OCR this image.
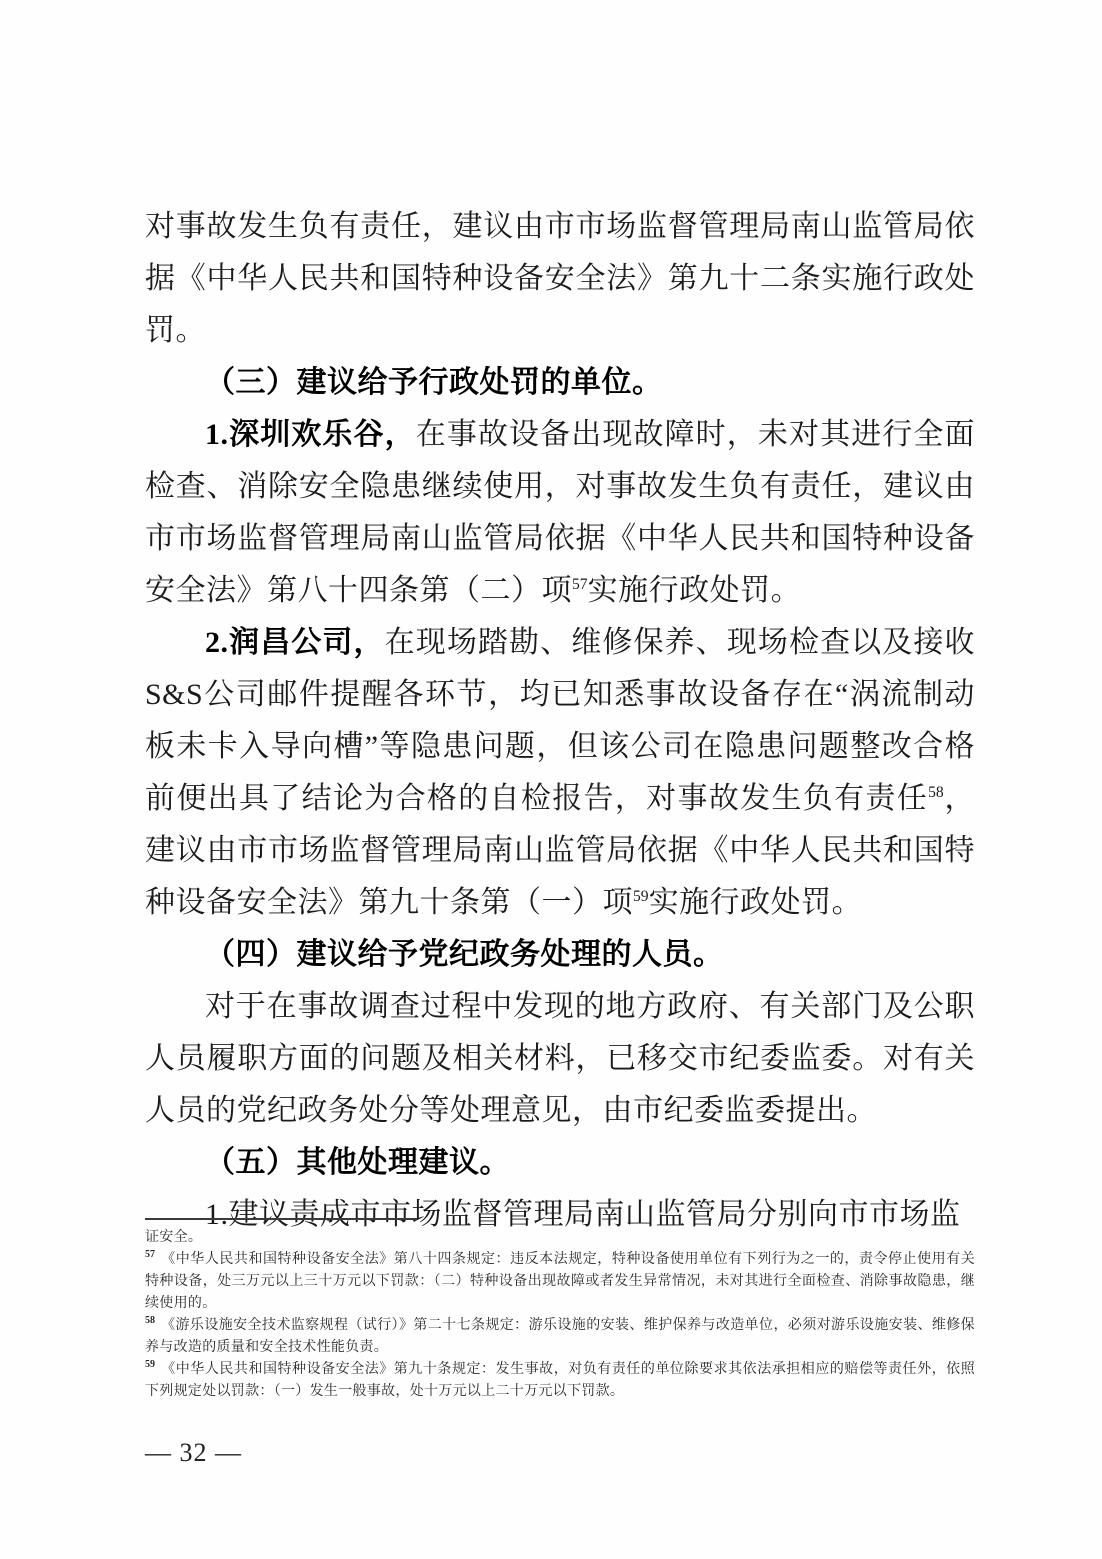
对事故发生负有责任，建议由市市场监督管理局南山监管局依据《中华人民共和国特种设备安全法》第九十二条实施行政处罚。

（三）建议给予行政处罚的单位。

1.深圳欢乐谷，在事故设备出现故障时，未对其进行全面检查、消除安全隐患继续使用，对事故发生负有责任，建议由市市场监督管理局南山监管局依据《中华人民共和国特种设备安全法》第八十四条第（二）项$^{57}$实施行政处罚。

2.润昌公司，在现场踏勘、维修保养、现场检查以及接收S&S公司邮件提醒各环节，均已知悉事故设备存在“涡流制动板未卡入导向槽”等隐患问题，但该公司在隐患问题整改合格前便出具了结论为合格的自检报告，对事故发生负有责任$^{58}$，建议由市市场监督管理局南山监管局依据《中华人民共和国特种设备安全法》第九十条第（一）项$^{59}$实施行政处罚。

（四）建议给予党纪政务处理的人员。

对于在事故调查过程中发现的地方政府、有关部门及公职人员履职方面的问题及相关材料，已移交市纪委监委。对有关人员的党纪政务处分等处理意见，由市纪委监委提出。

（五）其他处理建议。

1.建议责成市市场监督管理局南山监管局分别向市市场监

证安全。

$^{57}$ 《中华人民共和国特种设备安全法》第八十四条规定：违反本法规定，特种设备使用单位有下列行为之一的，责令停止使用有关特种设备，处三万元以上三十万元以下罚款：（二）特种设备出现故障或者发生异常情况，未对其进行全面检查、消除事故隐患，继续使用的。

$^{58}$ 《游乐设施安全技术监察规程（试行）》第二十七条规定：游乐设施的安装、维护保养与改造单位，必须对游乐设施安装、维修保养与改造的质量和安全技术性能负责。

$^{59}$ 《中华人民共和国特种设备安全法》第九十条规定：发生事故，对负有责任的单位除要求其依法承担相应的赔偿等责任外，依照下列规定处以罚款：（一）发生一般事故，处十万元以上二十万元以下罚款。

— 32 —
